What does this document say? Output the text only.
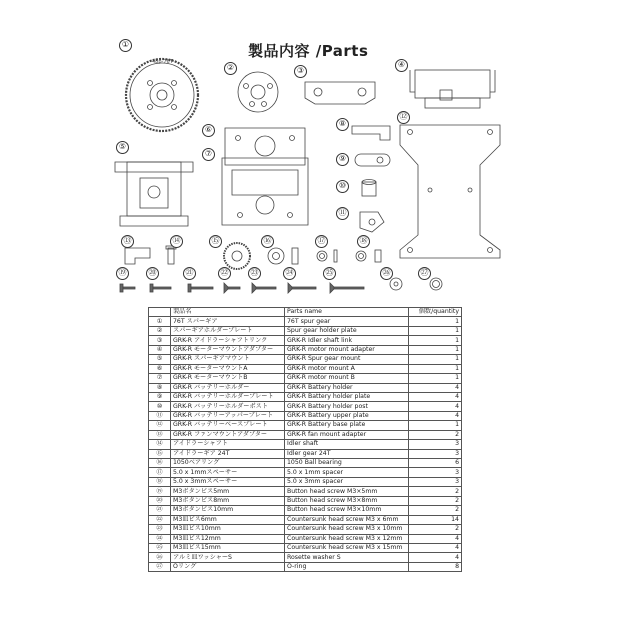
製品内容 /Parts
48p-76T
①
②	③
④
⑤
⑥
⑦
⑧
⑨
⑩
⑪
⑫
⑬	⑭	⑮	⑯	⑰	⑱
⑲	⑳	㉑	㉒	㉓	㉔	㉕	㉖	㉗
	製品名	Parts name	個数/quantity
①	76T スパーギア	76T spur gear	1
②	スパーギアホルダープレート	Spur gear holder plate	1
③	GRK-R アイドラーシャフトリンク	GRK-R Idler shaft link	1
④	GRK-R モーターマウントアダプター	GRK-R motor mount adapter	1
⑤	GRK-R スパーギアマウント	GRK-R Spur gear mount	1
⑥	GRK-R モーターマウントA	GRK-R motor mount A	1
⑦	GRK-R モーターマウントB	GRK-R motor mount B	1
⑧	GRK-R バッテリーホルダー	GRK-R Battery holder	4
⑨	GRK-R バッテリーホルダープレート	GRK-R Battery holder plate	4
⑩	GRK-R バッテリーホルダーポスト	GRK-R Battery holder post	4
⑪	GRK-R バッテリーアッパープレート	GRK-R Battery upper plate	4
⑫	GRK-R バッテリーベースプレート	GRK-R Battery base plate	1
⑬	GRK-R ファンマウントアダプター	GRK-R fan mount adapter	2
⑭	アイドラーシャフト	Idler shaft	3
⑮	アイドラーギア 24T	Idler gear 24T	3
⑯	1050ベアリング	1050 Ball bearing	6
⑰	5.0 x 1mmスペーサー	5.0 x 1mm spacer	3
⑱	5.0 x 3mmスペーサー	5.0 x 3mm spacer	3
⑲	M3ボタンビス5mm	Button head screw M3×5mm	2
⑳	M3ボタンビス8mm	Button head screw M3×8mm	2
㉑	M3ボタンビス10mm	Button head screw M3×10mm	2
㉒	M3皿ビス6mm	Countersunk head screw M3 x 6mm	14
㉓	M3皿ビス10mm	Countersunk head screw M3 x 10mm	2
㉔	M3皿ビス12mm	Countersunk head screw M3 x 12mm	4
㉕	M3皿ビス15mm	Countersunk head screw M3 x 15mm	4
㉖	アルミ皿ワッシャーS	Rosette washer S	4
㉗	Oリング	O-ring	8
